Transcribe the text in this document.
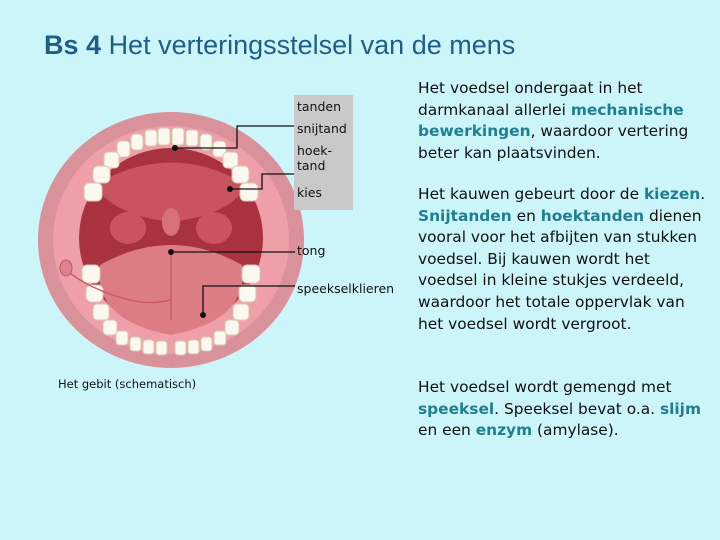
Bs 4 Het verteringsstelsel van de mens
tanden
snijtand
hoek-
tand
kies
tong
speekselklieren
Het gebit (schematisch)
Het voedsel ondergaat in het darmkanaal allerlei mechanische bewerkingen, waardoor vertering beter kan plaatsvinden.
Het kauwen gebeurt door de kiezen. Snijtanden en hoektanden dienen vooral voor het afbijten van stukken voedsel. Bij kauwen wordt het voedsel in kleine stukjes verdeeld, waardoor het totale oppervlak van het voedsel wordt vergroot.
Het voedsel wordt gemengd met speeksel. Speeksel bevat o.a. slijm en een enzym (amylase).
